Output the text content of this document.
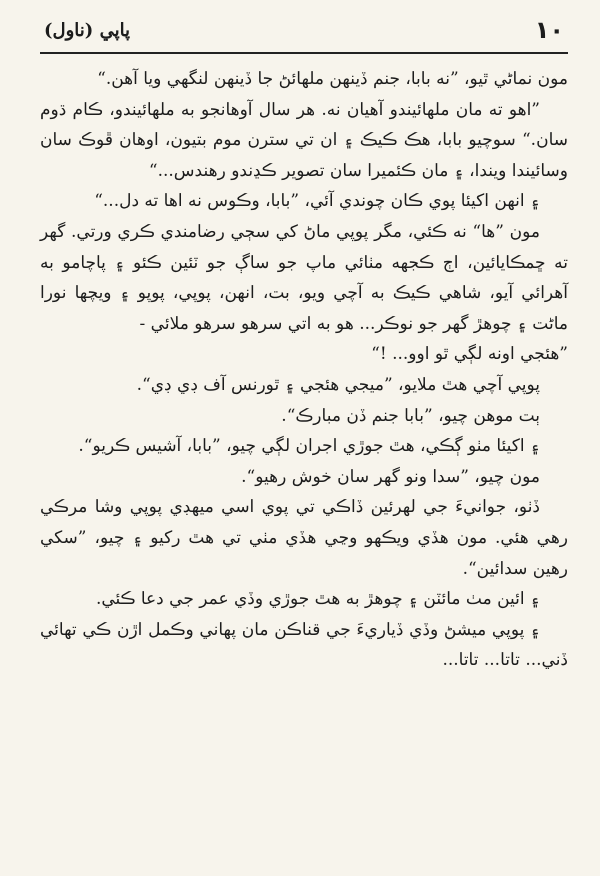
١٠
پاپي (ناول)

مون نماڻي ٿيو، ”نه بابا، جنم ڏينهن ملهائڻ جا ڏينهن لنگهي ويا آهن.“

”اهو ته مان ملهائيندو آهيان نه. هر سال آوهانجو به ملهائيندو، ڪام ڌوم سان.“ سوچيو بابا، هڪ ڪيڪ ۽ ان تي سترن موم بتيون، اوهان ڦوڪ سان وسائيندا ويندا، ۽ مان ڪئميرا سان تصوير ڪڍندو رهندس...“

۽ انهن اکيئا پوي ڪان چوندي آئي، ”بابا، وڪوس نه اها ته دل...“

مون ”ها“ نه ڪئي، مگر پوپي ماڻ کي سڄي رضامندي ڪري ورتي. گهر ته ڇمڪايائين، اڄ ڪجهه مٺائي ماپ جو ساڳ جو ٽئين ڪئو ۽ پاچامو به آهرائي آيو، شاهي ڪيڪ به آچي ويو، بت، انهن، پوپي، پوپو ۽ ويچها نورا ماڻت ۽ چوهڙ گهر جو نوڪر... هو به اتي سرهو سرهو ملائي -

”هئجي اونه لڳي ٿو اوو... !“

پوپي آچي هٿ ملايو، ”ميجي هئجي ۽ ٿورنس آف ڊي ڊي“.

ٻت موهن چيو، ”بابا جنم ڏن مبارڪ“.

۽ اکيئا مٺو ڳڪي، هٿ جوڙي اجران لڳي چيو، ”بابا، آشيس ڪريو“.

مون چيو، ”سدا ونو گهر سان خوش رهيو“.

ڏٺو، جوانيءَ جي لهرئين ڏاڪي تي پوي اسي ميهڊي پوپي وشا مرڪي رهي هئي. مون هڏي ويڪهو وڃي هڏي مٺي تي هٿ رکيو ۽ چيو، ”سکي رهين سدائين“.

۽ ائين مٺ مائٽن ۽ چوهڙ به هٿ جوڙي وڏي عمر جي دعا ڪئي.

۽ پوپي ميشڻ وڏي ڏياريءَ جي قناڪن مان پهاني وڪمل اڙن ڪي تهائي ڏني... تاتا... تاتا...
